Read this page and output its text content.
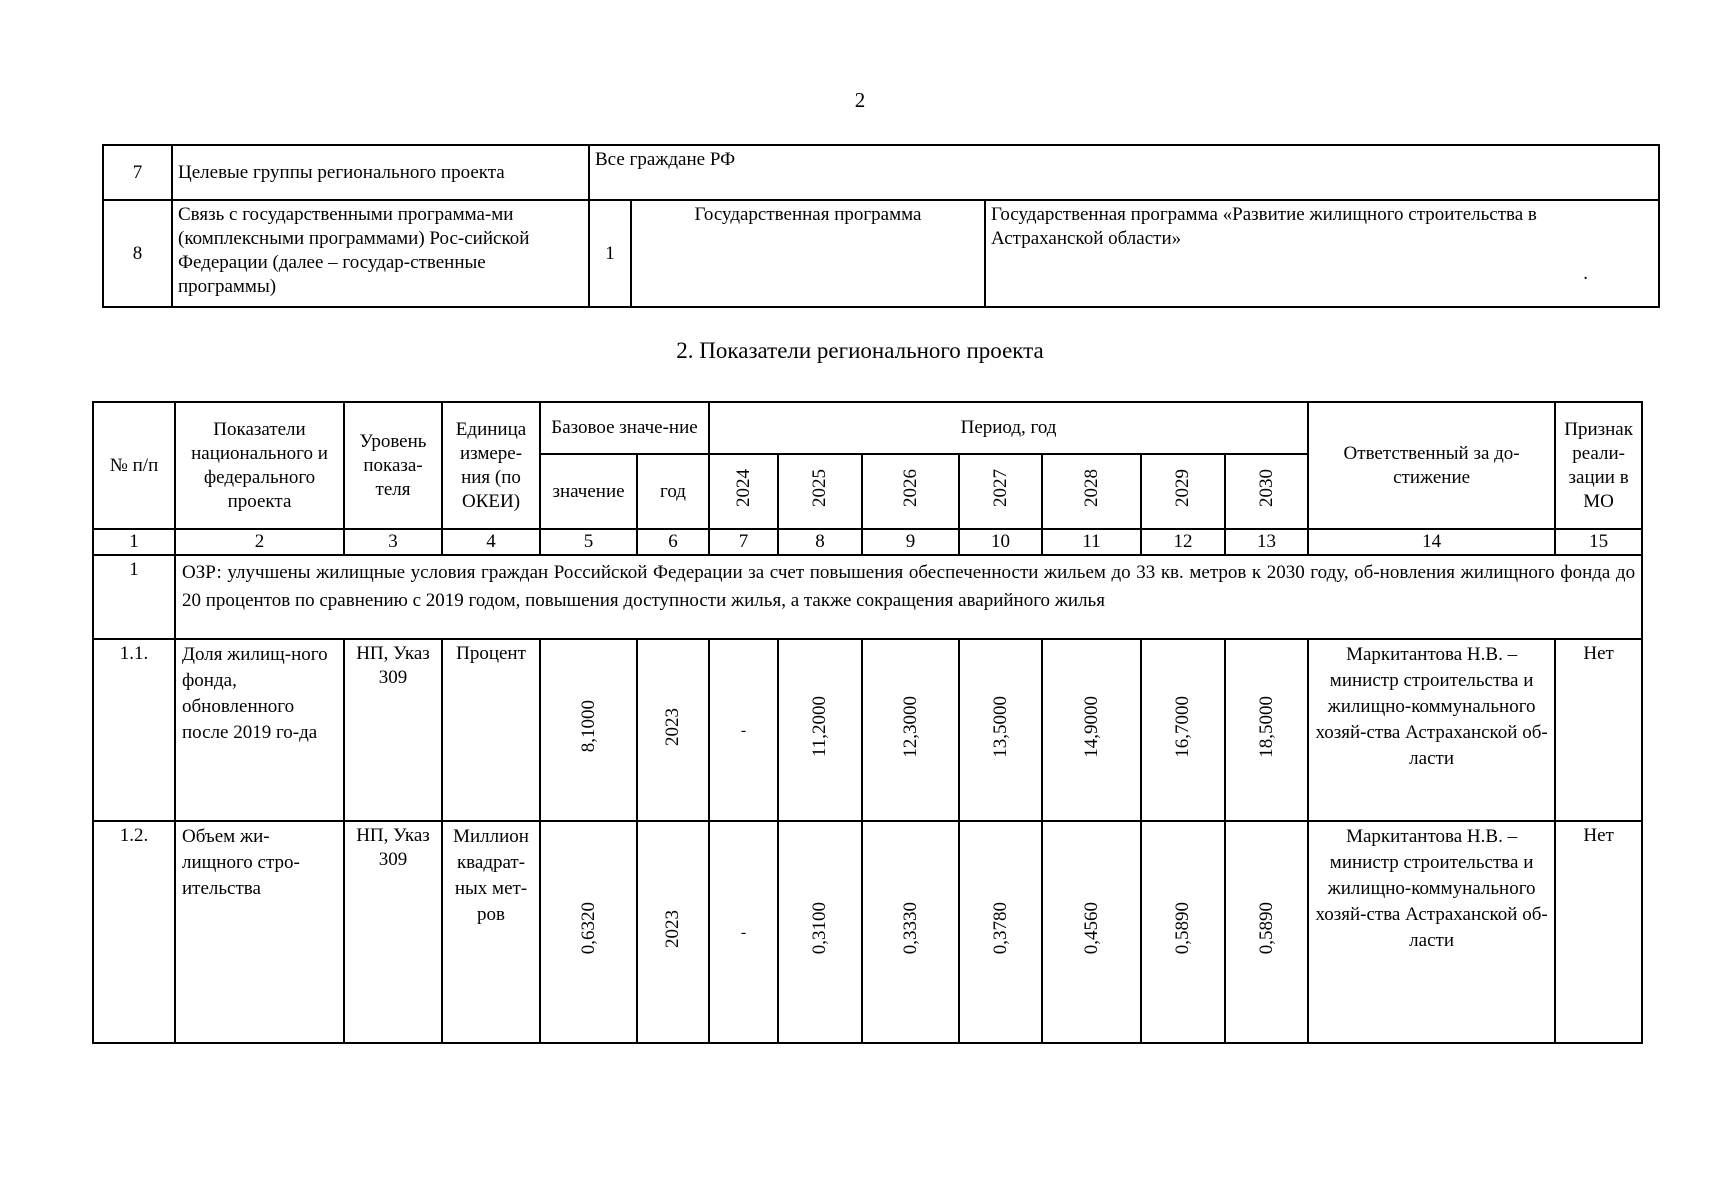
2
7	Целевые группы регионального проекта	Все граждане РФ		
8	Связь с государственными программа-ми (комплексными программами) Рос-сийской Федерации (далее – государ-ственные программы)	1	Государственная программа	Государственная программа «Развитие жилищного строительства в Астраханской области»
.
2. Показатели регионального проекта
№ п/п	Показатели национального и федерального проекта	Уровень показа-теля	Единица измере-ния (по ОКЕИ)	Базовое значе-ние		Период, год							Ответственный за до-стижение	Признак реали-зации в МО
				значение	год	2024	2025	2026	2027	2028	2029	2030		
1	2	3	4	5	6	7	8	9	10	11	12	13	14	15
1	ОЗР: улучшены жилищные условия граждан Российской Федерации за счет повышения обеспеченности жильем до 33 кв. метров к 2030 году, об-новления жилищного фонда до 20 процентов по сравнению с 2019 годом, повышения доступности жилья, а также сокращения аварийного жилья													
1.1.	Доля жилищ-ного фонда, обновленного после 2019 го-да	НП, Указ 309	Процент	8,1000	2023	-	11,2000	12,3000	13,5000	14,9000	16,7000	18,5000	Маркитантова Н.В. – министр строительства и жилищно-коммунального хозяй-ства Астраханской об-ласти	Нет
1.2.	Объем жи-лищного стро-ительства	НП, Указ 309	Миллион квадрат-ных мет-ров	0,6320	2023	-	0,3100	0,3330	0,3780	0,4560	0,5890	0,5890	Маркитантова Н.В. – министр строительства и жилищно-коммунального хозяй-ства Астраханской об-ласти	Нет
